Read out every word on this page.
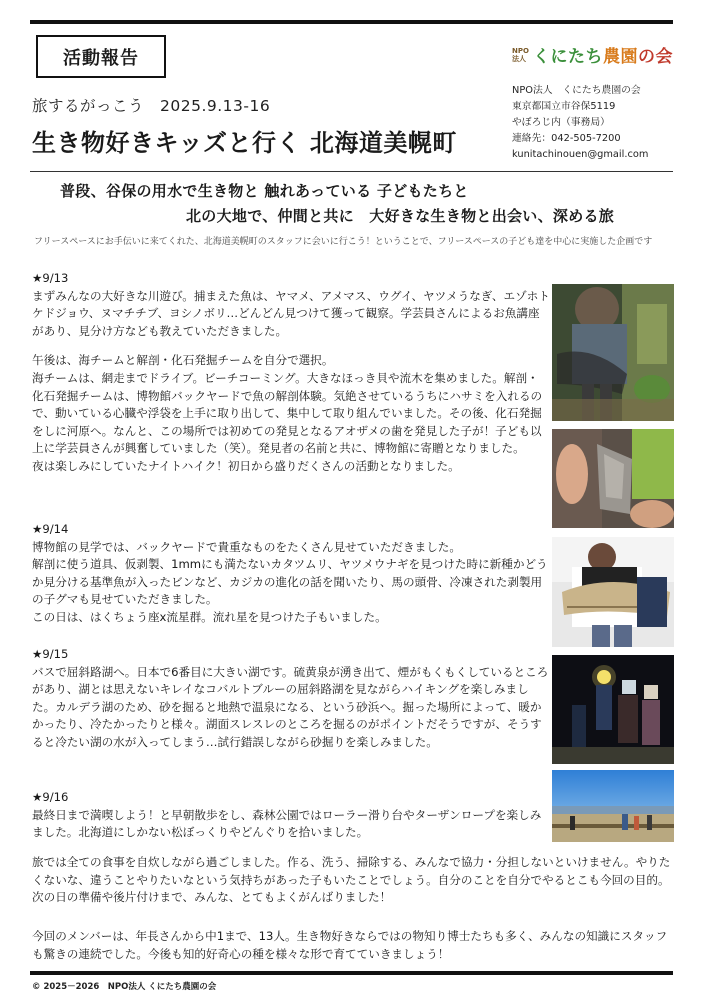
活動報告
旅するがっこう　2025.9.13-16
生き物好きキッズと行く 北海道美幌町
NPO
法人 くにたち農園の会
NPO法人　くにたち農園の会
東京都国立市谷保5119
やぼろじ内（事務局）
連絡先：042-505-7200
kunitachinouen@gmail.com
普段、谷保の用水で生き物と 触れあっている 子どもたちと
北の大地で、仲間と共に　大好きな生き物と出会い、深める旅
フリースペースにお手伝いに来てくれた、北海道美幌町のスタッフに会いに行こう！ということで、フリースペースの子ども達を中心に実施した企画です
★9/13
まずみんなの大好きな川遊び。捕まえた魚は、ヤマメ、アメマス、ウグイ、ヤツメうなぎ、エゾホトケドジョウ、ヌマチチブ、ヨシノボリ…どんどん見つけて獲って観察。学芸員さんによるお魚講座があり、見分け方なども教えていただきました。
午後は、海チームと解剖・化石発掘チームを自分で選択。
海チームは、網走までドライブ。ビーチコーミング。大きなほっき貝や流木を集めました。解剖・化石発掘チームは、博物館バックヤードで魚の解剖体験。気絶させているうちにハサミを入れるので、動いている心臓や浮袋を上手に取り出して、集中して取り組んでいました。その後、化石発掘をしに河原へ。なんと、この場所では初めての発見となるアオザメの歯を発見した子が！子ども以上に学芸員さんが興奮していました（笑）。発見者の名前と共に、博物館に寄贈となりました。
夜は楽しみにしていたナイトハイク！初日から盛りだくさんの活動となりました。
★9/14
博物館の見学では、バックヤードで貴重なものをたくさん見せていただきました。
解剖に使う道具、仮剥製、1mmにも満たないカタツムリ、ヤツメウナギを見つけた時に新種かどうか見分ける基準魚が入ったビンなど、カジカの進化の話を聞いたり、馬の頭骨、冷凍された剥製用の子グマも見せていただきました。
この日は、はくちょう座x流星群。流れ星を見つけた子もいました。
★9/15
バスで屈斜路湖へ。日本で6番目に大きい湖です。硫黄泉が湧き出て、煙がもくもくしているところがあり、湖とは思えないキレイなコバルトブルーの屈斜路湖を見ながらハイキングを楽しみました。カルデラ湖のため、砂を掘ると地熱で温泉になる、という砂浜へ。掘った場所によって、暖かかったり、冷たかったりと様々。湖面スレスレのところを掘るのがポイントだそうですが、そうすると冷たい湖の水が入ってしまう…試行錯誤しながら砂掘りを楽しみました。
★9/16
最終日まで満喫しよう！と早朝散歩をし、森林公園ではローラー滑り台やターザンロープを楽しみました。北海道にしかない松ぼっくりやどんぐりを拾いました。
旅では全ての食事を自炊しながら過ごしました。作る、洗う、掃除する、みんなで協力・分担しないといけません。やりたくないな、違うことやりたいなという気持ちがあった子もいたことでしょう。自分のことを自分でやるとこも今回の目的。次の日の準備や後片付けまで、みんな、とてもよくがんばりました！
今回のメンバーは、年長さんから中1まで、13人。生き物好きならではの物知り博士たちも多く、みんなの知識にスタッフも驚きの連続でした。今後も知的好奇心の種を様々な形で育てていきましょう！
© 2025－2026　NPO法人 くにたち農園の会
